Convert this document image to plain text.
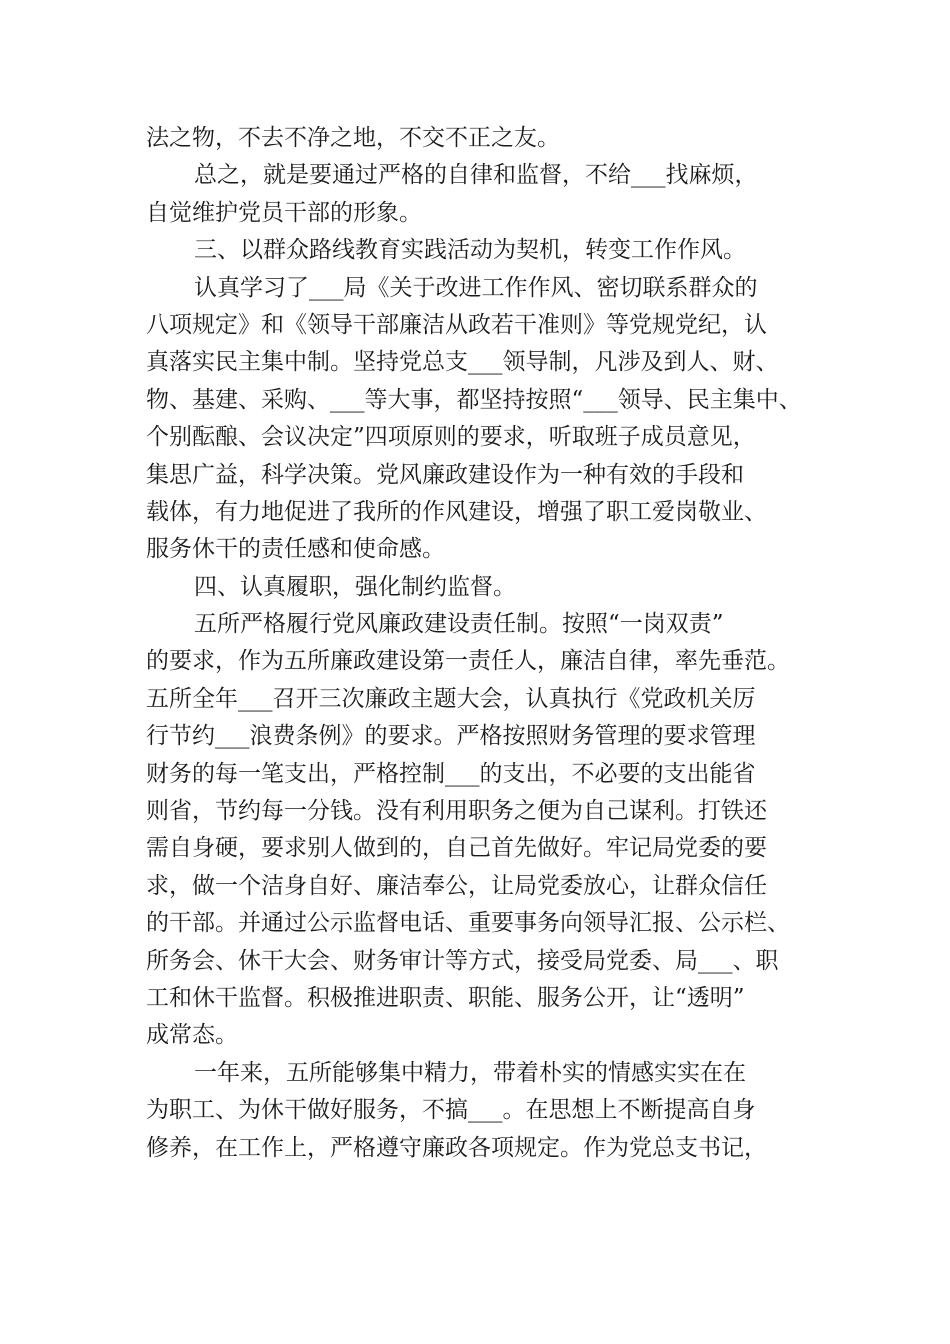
法之物，不去不净之地，不交不正之友。
总之，就是要通过严格的自律和监督，不给___找麻烦，
自觉维护党员干部的形象。
三、以群众路线教育实践活动为契机，转变工作作风。
认真学习了___局《关于改进工作作风、密切联系群众的
八项规定》和《领导干部廉洁从政若干准则》等党规党纪，认
真落实民主集中制。坚持党总支___领导制，凡涉及到人、财、
物、基建、采购、___等大事，都坚持按照“___领导、民主集中、
个别酝酿、会议决定”四项原则的要求，听取班子成员意见，
集思广益，科学决策。党风廉政建设作为一种有效的手段和
载体，有力地促进了我所的作风建设，增强了职工爱岗敬业、
服务休干的责任感和使命感。
四、认真履职，强化制约监督。
五所严格履行党风廉政建设责任制。按照“一岗双责”
的要求，作为五所廉政建设第一责任人，廉洁自律，率先垂范。
五所全年___召开三次廉政主题大会，认真执行《党政机关厉
行节约___浪费条例》的要求。严格按照财务管理的要求管理
财务的每一笔支出，严格控制___的支出，不必要的支出能省
则省，节约每一分钱。没有利用职务之便为自己谋利。打铁还
需自身硬，要求别人做到的，自己首先做好。牢记局党委的要
求，做一个洁身自好、廉洁奉公，让局党委放心，让群众信任
的干部。并通过公示监督电话、重要事务向领导汇报、公示栏、
所务会、休干大会、财务审计等方式，接受局党委、局___、职
工和休干监督。积极推进职责、职能、服务公开，让“透明”
成常态。
一年来，五所能够集中精力，带着朴实的情感实实在在
为职工、为休干做好服务，不搞___。在思想上不断提高自身
修养，在工作上，严格遵守廉政各项规定。作为党总支书记，
